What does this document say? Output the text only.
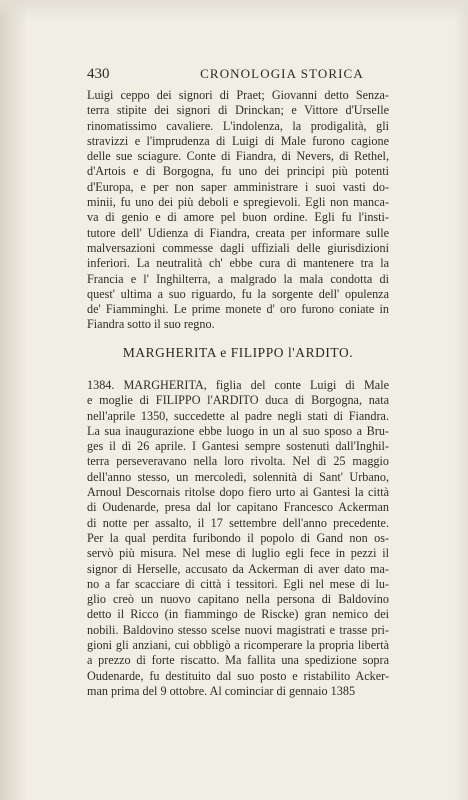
430	CRONOLOGIA STORICA
Luigi ceppo dei signori di Praet; Giovanni detto Senza-
terra stipite dei signori di Drinckan; e Vittore d'Urselle
rinomatissimo cavaliere. L'indolenza, la prodigalità, gli
stravizzi e l'imprudenza di Luigi di Male furono cagione
delle sue sciagure. Conte di Fiandra, di Nevers, di Rethel,
d'Artois e di Borgogna, fu uno dei principi più potenti
d'Europa, e per non saper amministrare i suoi vasti do-
minii, fu uno dei più deboli e spregievoli. Egli non manca-
va di genio e di amore pel buon ordine. Egli fu l'insti-
tutore dell' Udienza di Fiandra, creata per informare sulle
malversazioni commesse dagli uffiziali delle giurisdizioni
inferiori. La neutralità ch' ebbe cura di mantenere tra la
Francia e l' Inghilterra, a malgrado la mala condotta di
quest' ultima a suo riguardo, fu la sorgente dell' opulenza
de' Fiamminghi. Le prime monete d' oro furono coniate in
Fiandra sotto il suo regno.
MARGHERITA e FILIPPO l'ARDITO.
1384. MARGHERITA, figlia del conte Luigi di Male
e moglie di FILIPPO l'ARDITO duca di Borgogna, nata
nell'aprile 1350, succedette al padre negli stati di Fiandra.
La sua inaugurazione ebbe luogo in un al suo sposo a Bru-
ges il dì 26 aprile. I Gantesi sempre sostenuti dall'Inghil-
terra perseveravano nella loro rivolta. Nel dì 25 maggio
dell'anno stesso, un mercoledì, solennità di Sant' Urbano,
Arnoul Descornais ritolse dopo fiero urto ai Gantesi la città
di Oudenarde, presa dal lor capitano Francesco Ackerman
di notte per assalto, il 17 settembre dell'anno precedente.
Per la qual perdita furibondo il popolo di Gand non os-
servò più misura. Nel mese di luglio egli fece in pezzi il
signor di Herselle, accusato da Ackerman di aver dato ma-
no a far scacciare di città i tessitori. Egli nel mese di lu-
glio creò un nuovo capitano nella persona di Baldovino
detto il Ricco (in fiammingo de Riscke) gran nemico dei
nobili. Baldovino stesso scelse nuovi magistrati e trasse pri-
gioni gli anziani, cui obbligò a ricomperare la propria libertà
a prezzo di forte riscatto. Ma fallita una spedizione sopra
Oudenarde, fu destituito dal suo posto e ristabilito Acker-
man prima del 9 ottobre. Al cominciar di gennaio 1385
